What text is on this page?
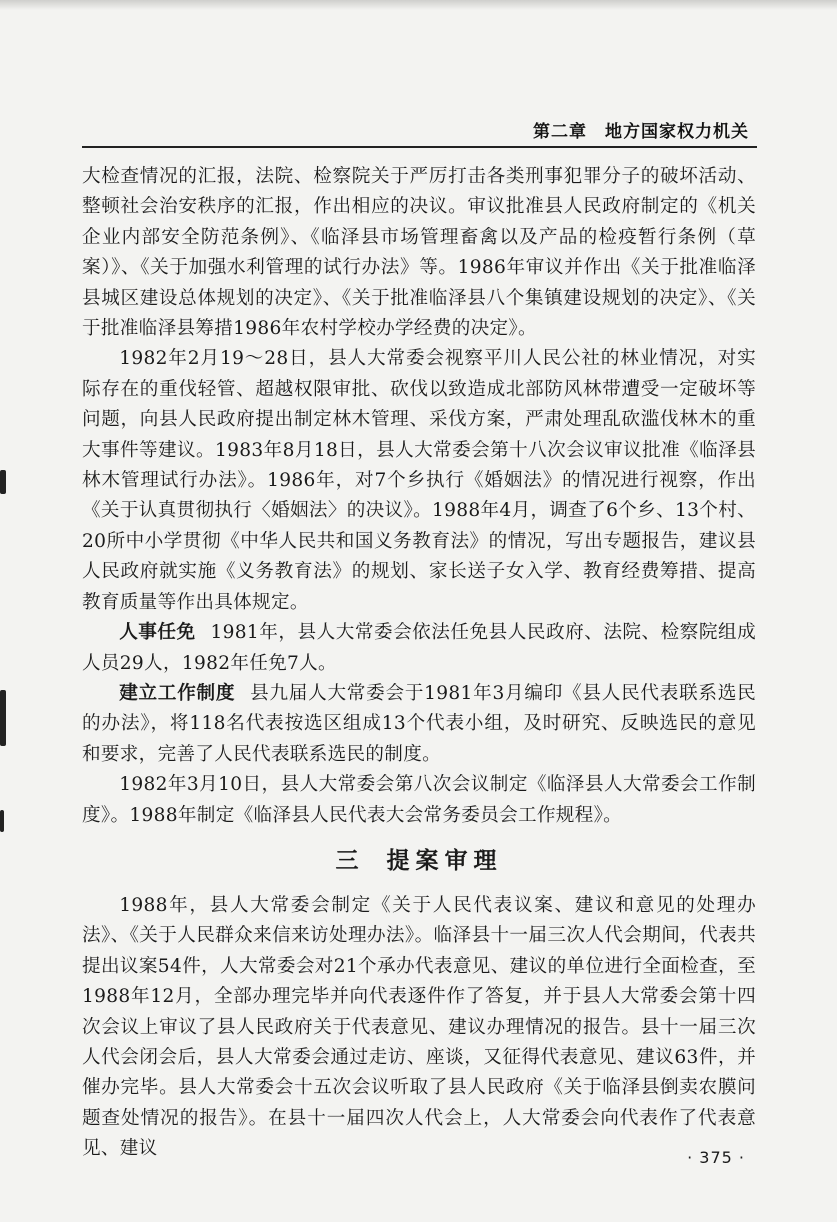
第二章　地方国家权力机关

大检查情况的汇报，法院、检察院关于严厉打击各类刑事犯罪分子的破坏活动、整顿社会治安秩序的汇报，作出相应的决议。审议批准县人民政府制定的《机关企业内部安全防范条例》、《临泽县市场管理畜禽以及产品的检疫暂行条例（草案）》、《关于加强水利管理的试行办法》等。1986年审议并作出《关于批准临泽县城区建设总体规划的决定》、《关于批准临泽县八个集镇建设规划的决定》、《关于批准临泽县筹措1986年农村学校办学经费的决定》。

1982年2月19～28日，县人大常委会视察平川人民公社的林业情况，对实际存在的重伐轻管、超越权限审批、砍伐以致造成北部防风林带遭受一定破坏等问题，向县人民政府提出制定林木管理、采伐方案，严肃处理乱砍滥伐林木的重大事件等建议。1983年8月18日，县人大常委会第十八次会议审议批准《临泽县林木管理试行办法》。1986年，对7个乡执行《婚姻法》的情况进行视察，作出《关于认真贯彻执行〈婚姻法〉的决议》。1988年4月，调查了6个乡、13个村、20所中小学贯彻《中华人民共和国义务教育法》的情况，写出专题报告，建议县人民政府就实施《义务教育法》的规划、家长送子女入学、教育经费筹措、提高教育质量等作出具体规定。

人事任免 1981年，县人大常委会依法任免县人民政府、法院、检察院组成人员29人，1982年任免7人。

建立工作制度 县九届人大常委会于1981年3月编印《县人民代表联系选民的办法》，将118名代表按选区组成13个代表小组，及时研究、反映选民的意见和要求，完善了人民代表联系选民的制度。

1982年3月10日，县人大常委会第八次会议制定《临泽县人大常委会工作制度》。1988年制定《临泽县人民代表大会常务委员会工作规程》。

三 提案审理

1988年，县人大常委会制定《关于人民代表议案、建议和意见的处理办法》、《关于人民群众来信来访处理办法》。临泽县十一届三次人代会期间，代表共提出议案54件，人大常委会对21个承办代表意见、建议的单位进行全面检查，至1988年12月，全部办理完毕并向代表逐件作了答复，并于县人大常委会第十四次会议上审议了县人民政府关于代表意见、建议办理情况的报告。县十一届三次人代会闭会后，县人大常委会通过走访、座谈，又征得代表意见、建议63件，并催办完毕。县人大常委会十五次会议听取了县人民政府《关于临泽县倒卖农膜问题查处情况的报告》。在县十一届四次人代会上，人大常委会向代表作了代表意见、建议	· 375 ·
